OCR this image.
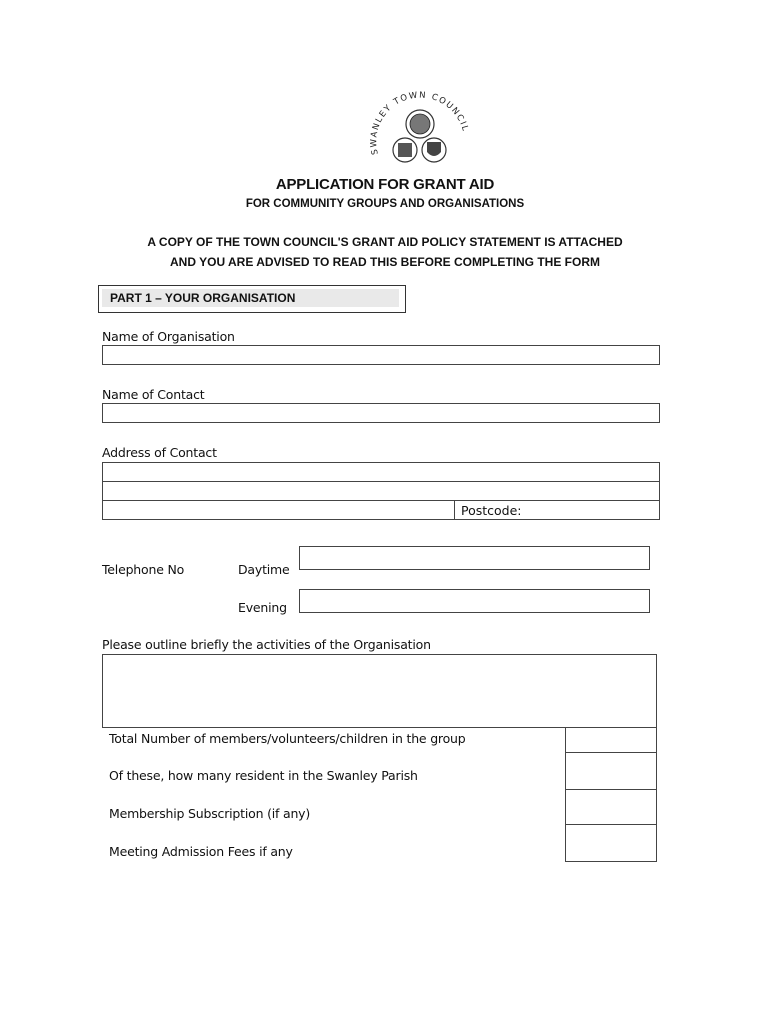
SWANLEY TOWN COUNCIL
APPLICATION FOR GRANT AID
FOR COMMUNITY GROUPS AND ORGANISATIONS
A COPY OF THE TOWN COUNCIL'S GRANT AID POLICY STATEMENT IS ATTACHED
AND YOU ARE ADVISED TO READ THIS BEFORE COMPLETING THE FORM
PART 1 – YOUR ORGANISATION
Name of Organisation
Name of Contact
Address of Contact
Postcode:
Telephone No	Daytime
Evening
Please outline briefly the activities of the Organisation
Total Number of members/volunteers/children in the group
Of these, how many resident in the Swanley Parish
Membership Subscription (if any)
Meeting Admission Fees if any
